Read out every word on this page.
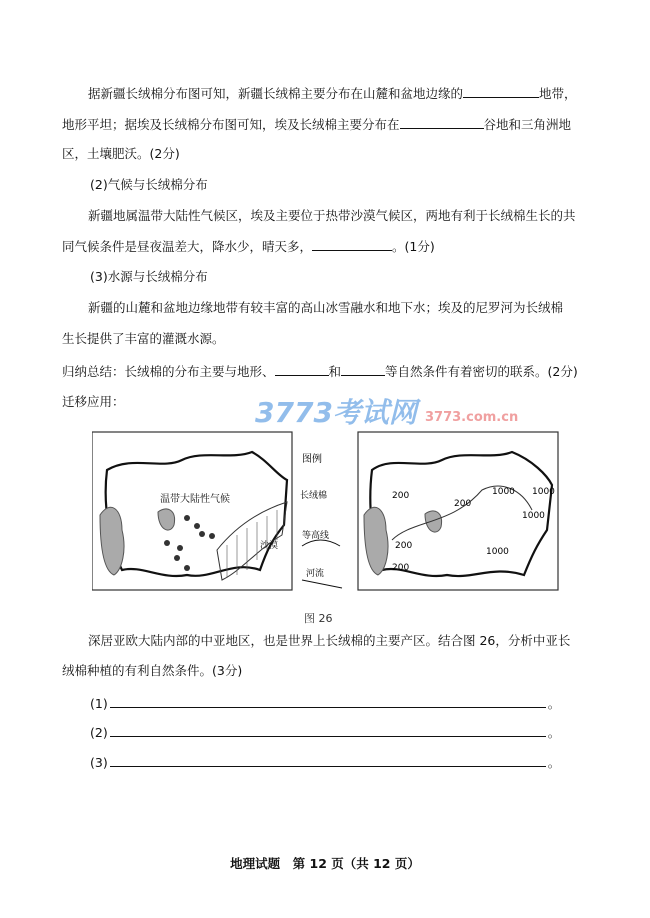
据新疆长绒棉分布图可知，新疆长绒棉主要分布在山麓和盆地边缘的	地带，
地形平坦；据埃及长绒棉分布图可知，埃及长绒棉主要分布在	谷地和三角洲地
区，土壤肥沃。(2分)
(2)气候与长绒棉分布
新疆地属温带大陆性气候区，埃及主要位于热带沙漠气候区，两地有利于长绒棉生长的共
同气候条件是昼夜温差大，降水少，晴天多，	。(1分)
(3)水源与长绒棉分布
新疆的山麓和盆地边缘地带有较丰富的高山冰雪融水和地下水；埃及的尼罗河为长绒棉
生长提供了丰富的灌溉水源。
归纳总结：长绒棉的分布主要与地形、	和	等自然条件有着密切的联系。(2分)
迁移应用：
温带大陆性气候
沙漠
图例
长绒棉
等高线
河流
200
200
200
200
1000 1000
1000
1000
3773考试网 3773.com.cn
图 26
深居亚欧大陆内部的中亚地区，也是世界上长绒棉的主要产区。结合图 26，分析中亚长
绒棉种植的有利自然条件。(3分)
(1)	。
(2)	。
(3)	。
地理试题　第 12 页（共 12 页）
